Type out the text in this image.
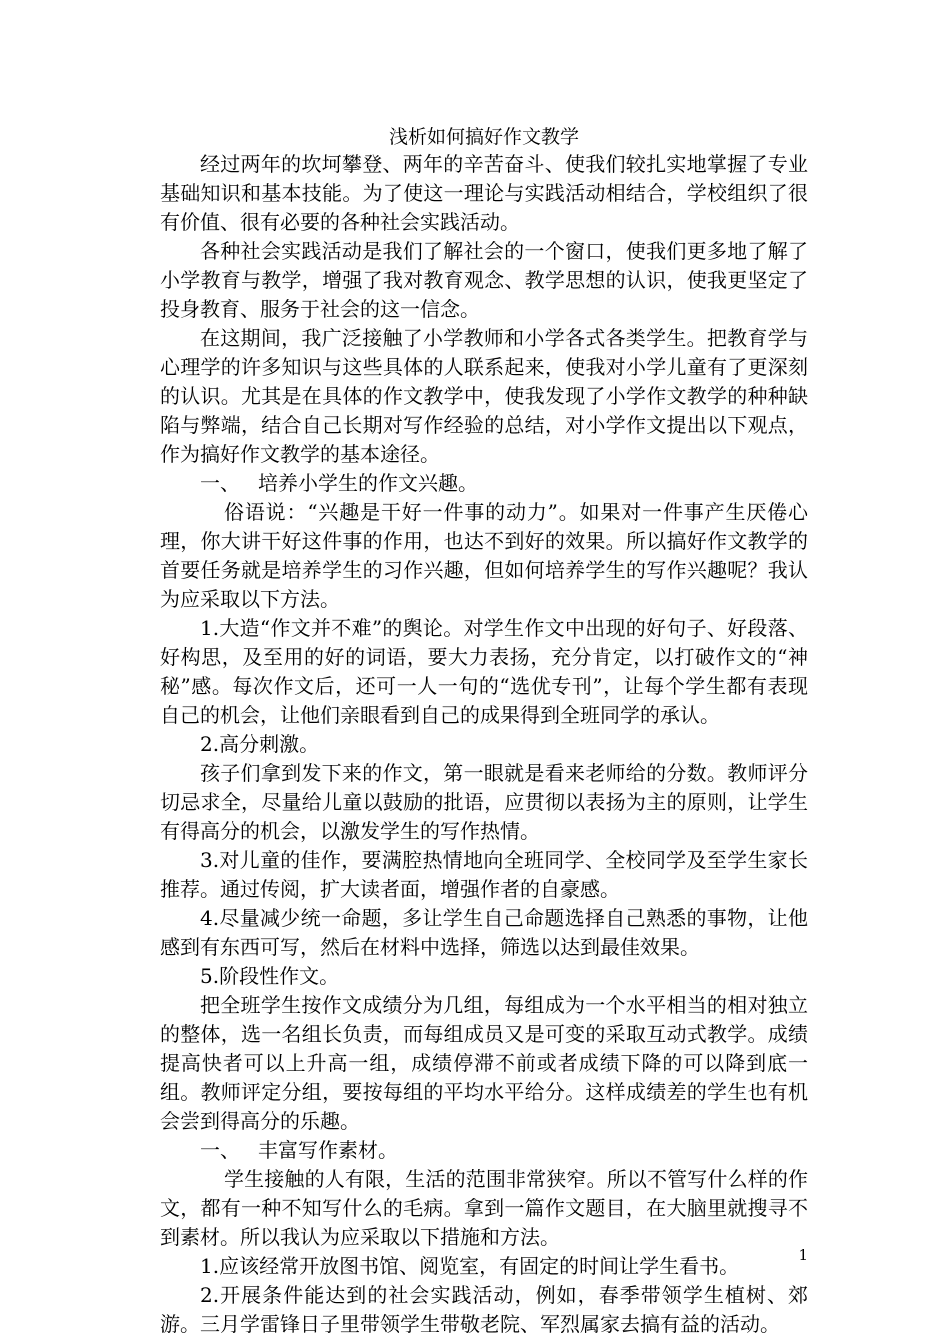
浅析如何搞好作文教学

经过两年的坎坷攀登、两年的辛苦奋斗、使我们较扎实地掌握了专业基础知识和基本技能。为了使这一理论与实践活动相结合，学校组织了很有价值、很有必要的各种社会实践活动。

各种社会实践活动是我们了解社会的一个窗口，使我们更多地了解了小学教育与教学，增强了我对教育观念、教学思想的认识，使我更坚定了投身教育、服务于社会的这一信念。

在这期间，我广泛接触了小学教师和小学各式各类学生。把教育学与心理学的许多知识与这些具体的人联系起来，使我对小学儿童有了更深刻的认识。尤其是在具体的作文教学中，使我发现了小学作文教学的种种缺陷与弊端，结合自己长期对写作经验的总结，对小学作文提出以下观点，作为搞好作文教学的基本途径。

一、 培养小学生的作文兴趣。

俗语说：“兴趣是干好一件事的动力”。如果对一件事产生厌倦心理，你大讲干好这件事的作用，也达不到好的效果。所以搞好作文教学的首要任务就是培养学生的习作兴趣，但如何培养学生的写作兴趣呢？我认为应采取以下方法。

1.大造“作文并不难”的舆论。对学生作文中出现的好句子、好段落、好构思，及至用的好的词语，要大力表扬，充分肯定，以打破作文的“神秘”感。每次作文后，还可一人一句的“选优专刊”，让每个学生都有表现自己的机会，让他们亲眼看到自己的成果得到全班同学的承认。

2.高分刺激。

孩子们拿到发下来的作文，第一眼就是看来老师给的分数。教师评分切忌求全，尽量给儿童以鼓励的批语，应贯彻以表扬为主的原则，让学生有得高分的机会，以激发学生的写作热情。

3.对儿童的佳作，要满腔热情地向全班同学、全校同学及至学生家长推荐。通过传阅，扩大读者面，增强作者的自豪感。

4.尽量减少统一命题，多让学生自己命题选择自己熟悉的事物，让他感到有东西可写，然后在材料中选择，筛选以达到最佳效果。

5.阶段性作文。

把全班学生按作文成绩分为几组，每组成为一个水平相当的相对独立的整体，选一名组长负责，而每组成员又是可变的采取互动式教学。成绩提高快者可以上升高一组，成绩停滞不前或者成绩下降的可以降到底一组。教师评定分组，要按每组的平均水平给分。这样成绩差的学生也有机会尝到得高分的乐趣。

一、 丰富写作素材。

学生接触的人有限，生活的范围非常狭窄。所以不管写什么样的作文，都有一种不知写什么的毛病。拿到一篇作文题目，在大脑里就搜寻不到素材。所以我认为应采取以下措施和方法。

1.应该经常开放图书馆、阅览室，有固定的时间让学生看书。

2.开展条件能达到的社会实践活动，例如，春季带领学生植树、郊游。三月学雷锋日子里带领学生带敬老院、军烈属家去搞有益的活动。

1
